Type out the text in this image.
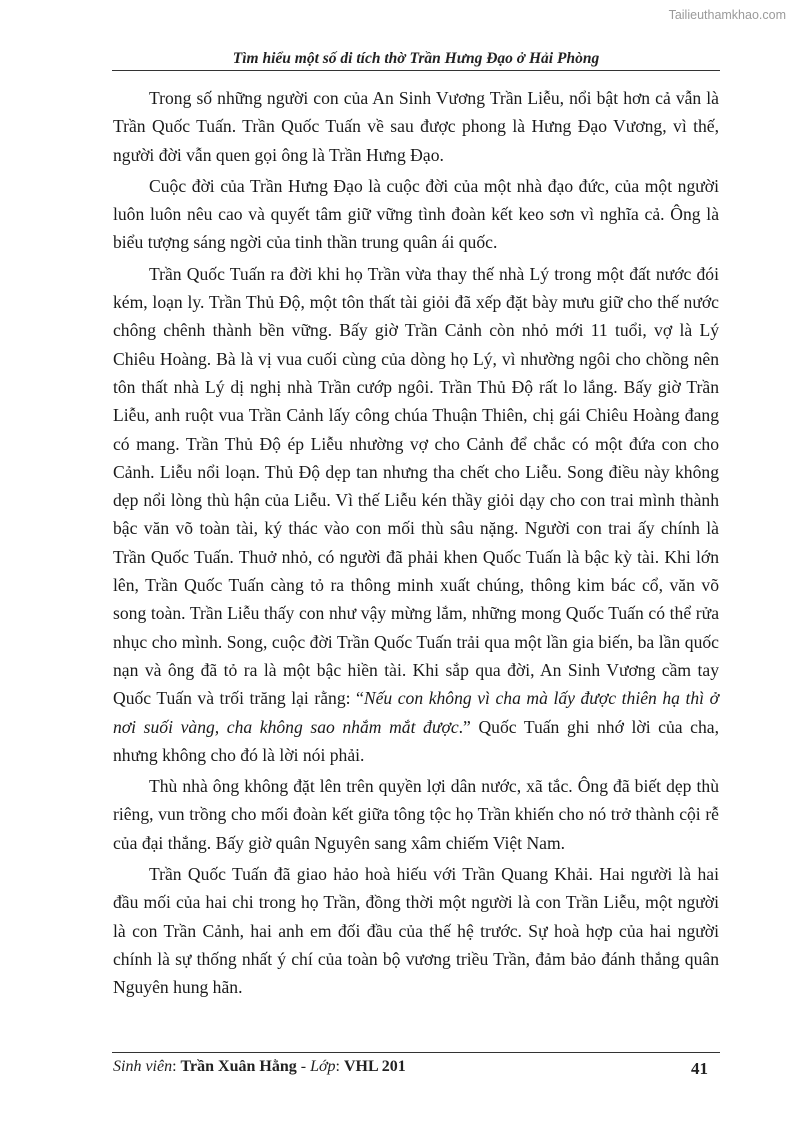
Tailieuthamkhao.com
Tìm hiểu một số di tích thờ Trần Hưng Đạo ở Hải Phòng

Trong số những người con của An Sinh Vương Trần Liễu, nổi bật hơn cả vẫn là Trần Quốc Tuấn. Trần Quốc Tuấn về sau được phong là Hưng Đạo Vương, vì thế, người đời vẫn quen gọi ông là Trần Hưng Đạo.

Cuộc đời của Trần Hưng Đạo là cuộc đời của một nhà đạo đức, của một người luôn luôn nêu cao và quyết tâm giữ vững tình đoàn kết keo sơn vì nghĩa cả. Ông là biểu tượng sáng ngời của tinh thần trung quân ái quốc.

Trần Quốc Tuấn ra đời khi họ Trần vừa thay thế nhà Lý trong một đất nước đói kém, loạn ly. Trần Thủ Độ, một tôn thất tài giỏi đã xếp đặt bày mưu giữ cho thế nước chông chênh thành bền vững. Bấy giờ Trần Cảnh còn nhỏ mới 11 tuổi, vợ là Lý Chiêu Hoàng. Bà là vị vua cuối cùng của dòng họ Lý, vì nhường ngôi cho chồng nên tôn thất nhà Lý dị nghị nhà Trần cướp ngôi. Trần Thủ Độ rất lo lắng. Bấy giờ Trần Liễu, anh ruột vua Trần Cảnh lấy công chúa Thuận Thiên, chị gái Chiêu Hoàng đang có mang. Trần Thủ Độ ép Liễu nhường vợ cho Cảnh để chắc có một đứa con cho Cảnh. Liễu nổi loạn. Thủ Độ dẹp tan nhưng tha chết cho Liễu. Song điều này không dẹp nổi lòng thù hận của Liễu. Vì thế Liễu kén thầy giỏi dạy cho con trai mình thành bậc văn võ toàn tài, ký thác vào con mối thù sâu nặng. Người con trai ấy chính là Trần Quốc Tuấn. Thuở nhỏ, có người đã phải khen Quốc Tuấn là bậc kỳ tài. Khi lớn lên, Trần Quốc Tuấn càng tỏ ra thông minh xuất chúng, thông kim bác cổ, văn võ song toàn. Trần Liễu thấy con như vậy mừng lắm, những mong Quốc Tuấn có thể rửa nhục cho mình. Song, cuộc đời Trần Quốc Tuấn trải qua một lần gia biến, ba lần quốc nạn và ông đã tỏ ra là một bậc hiền tài. Khi sắp qua đời, An Sinh Vương cầm tay Quốc Tuấn và trối trăng lại rằng: “Nếu con không vì cha mà lấy được thiên hạ thì ở nơi suối vàng, cha không sao nhắm mắt được.” Quốc Tuấn ghi nhớ lời của cha, nhưng không cho đó là lời nói phải.

Thù nhà ông không đặt lên trên quyền lợi dân nước, xã tắc. Ông đã biết dẹp thù riêng, vun trồng cho mối đoàn kết giữa tông tộc họ Trần khiến cho nó trở thành cội rễ của đại thắng. Bấy giờ quân Nguyên sang xâm chiếm Việt Nam.

Trần Quốc Tuấn đã giao hảo hoà hiếu với Trần Quang Khải. Hai người là hai đầu mối của hai chi trong họ Trần, đồng thời một người là con Trần Liễu, một người là con Trần Cảnh, hai anh em đối đầu của thế hệ trước. Sự hoà hợp của hai người chính là sự thống nhất ý chí của toàn bộ vương triều Trần, đảm bảo đánh thắng quân Nguyên hung hãn.

Sinh viên: Trần Xuân Hằng - Lớp: VHL 201	41
